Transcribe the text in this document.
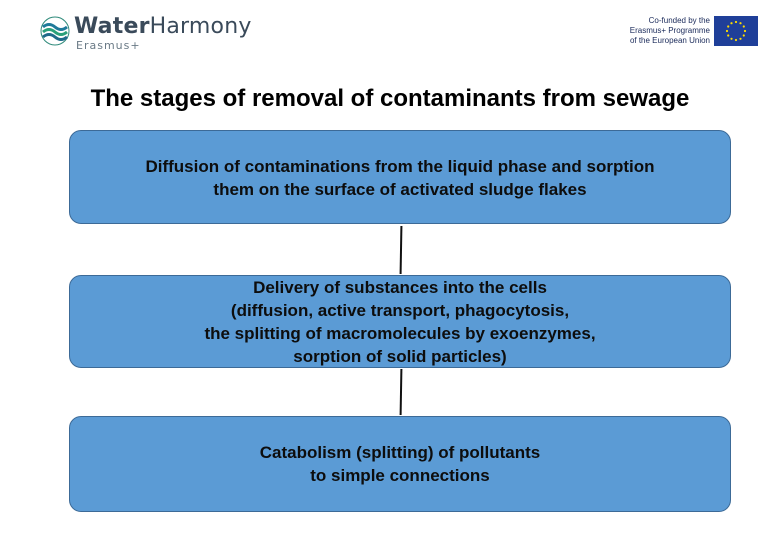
WaterHarmony
Erasmus+
Co-funded by the
Erasmus+ Programme
of the European Union
The stages of removal of contaminants from sewage
Diffusion of contaminations from the liquid phase and sorption
them on the surface of activated sludge flakes
Delivery of substances into the cells
(diffusion, active transport, phagocytosis,
the splitting of macromolecules by exoenzymes,
sorption of solid particles)
Catabolism (splitting) of pollutants
to simple connections
